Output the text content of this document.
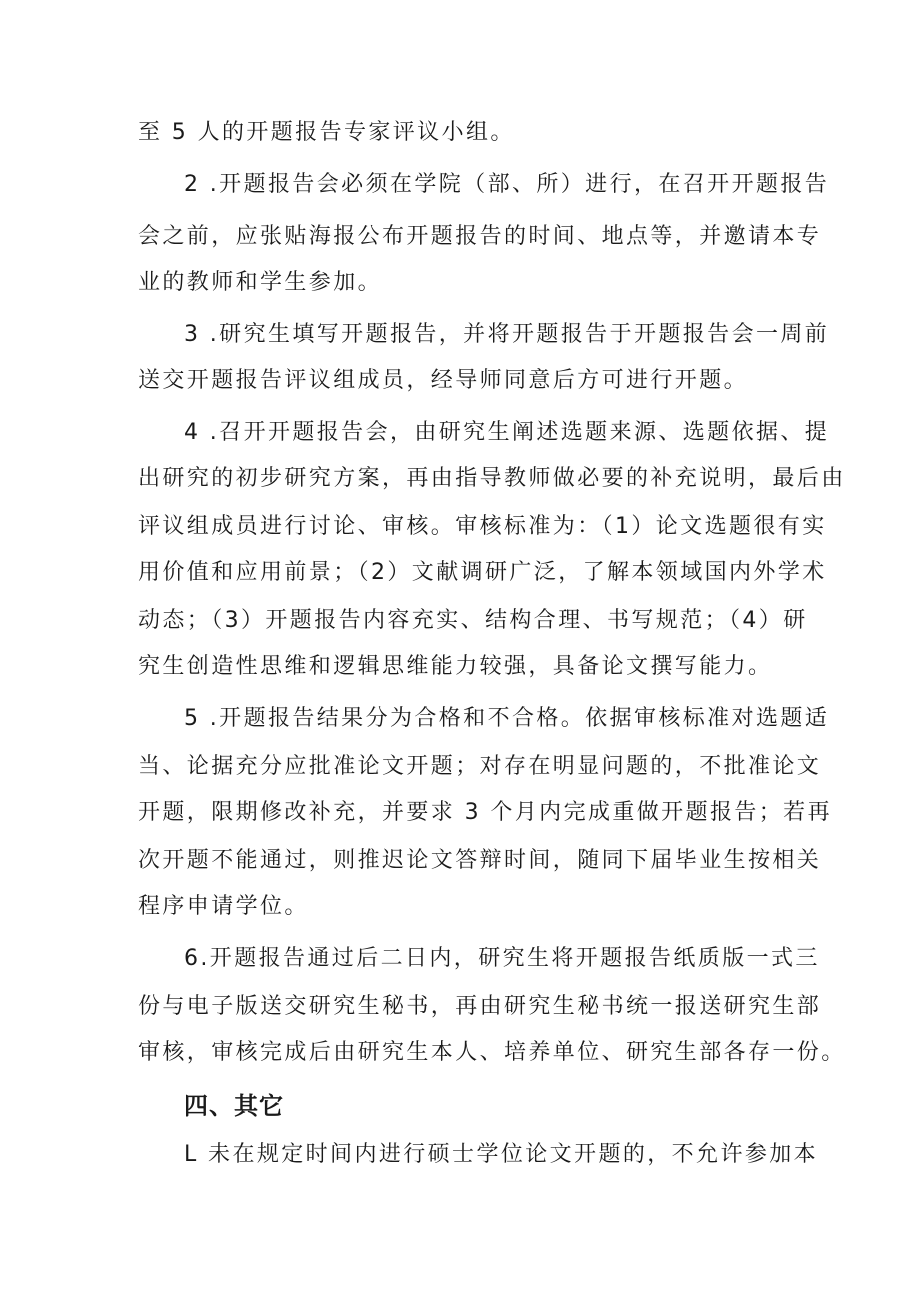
至 5 人的开题报告专家评议小组。
2 .开题报告会必须在学院（部、所）进行，在召开开题报告
会之前，应张贴海报公布开题报告的时间、地点等，并邀请本专
业的教师和学生参加。
3 .研究生填写开题报告，并将开题报告于开题报告会一周前
送交开题报告评议组成员，经导师同意后方可进行开题。
4 .召开开题报告会，由研究生阐述选题来源、选题依据、提
出研究的初步研究方案，再由指导教师做必要的补充说明，最后由
评议组成员进行讨论、审核。审核标准为：（1）论文选题很有实
用价值和应用前景；（2）文献调研广泛，了解本领域国内外学术
动态；（3）开题报告内容充实、结构合理、书写规范；（4）研
究生创造性思维和逻辑思维能力较强，具备论文撰写能力。
5 .开题报告结果分为合格和不合格。依据审核标准对选题适
当、论据充分应批准论文开题；对存在明显问题的，不批准论文
开题，限期修改补充，并要求 3 个月内完成重做开题报告；若再
次开题不能通过，则推迟论文答辩时间，随同下届毕业生按相关
程序申请学位。
6.开题报告通过后二日内，研究生将开题报告纸质版一式三
份与电子版送交研究生秘书，再由研究生秘书统一报送研究生部
审核，审核完成后由研究生本人、培养单位、研究生部各存一份。
四、其它
L 未在规定时间内进行硕士学位论文开题的，不允许参加本
